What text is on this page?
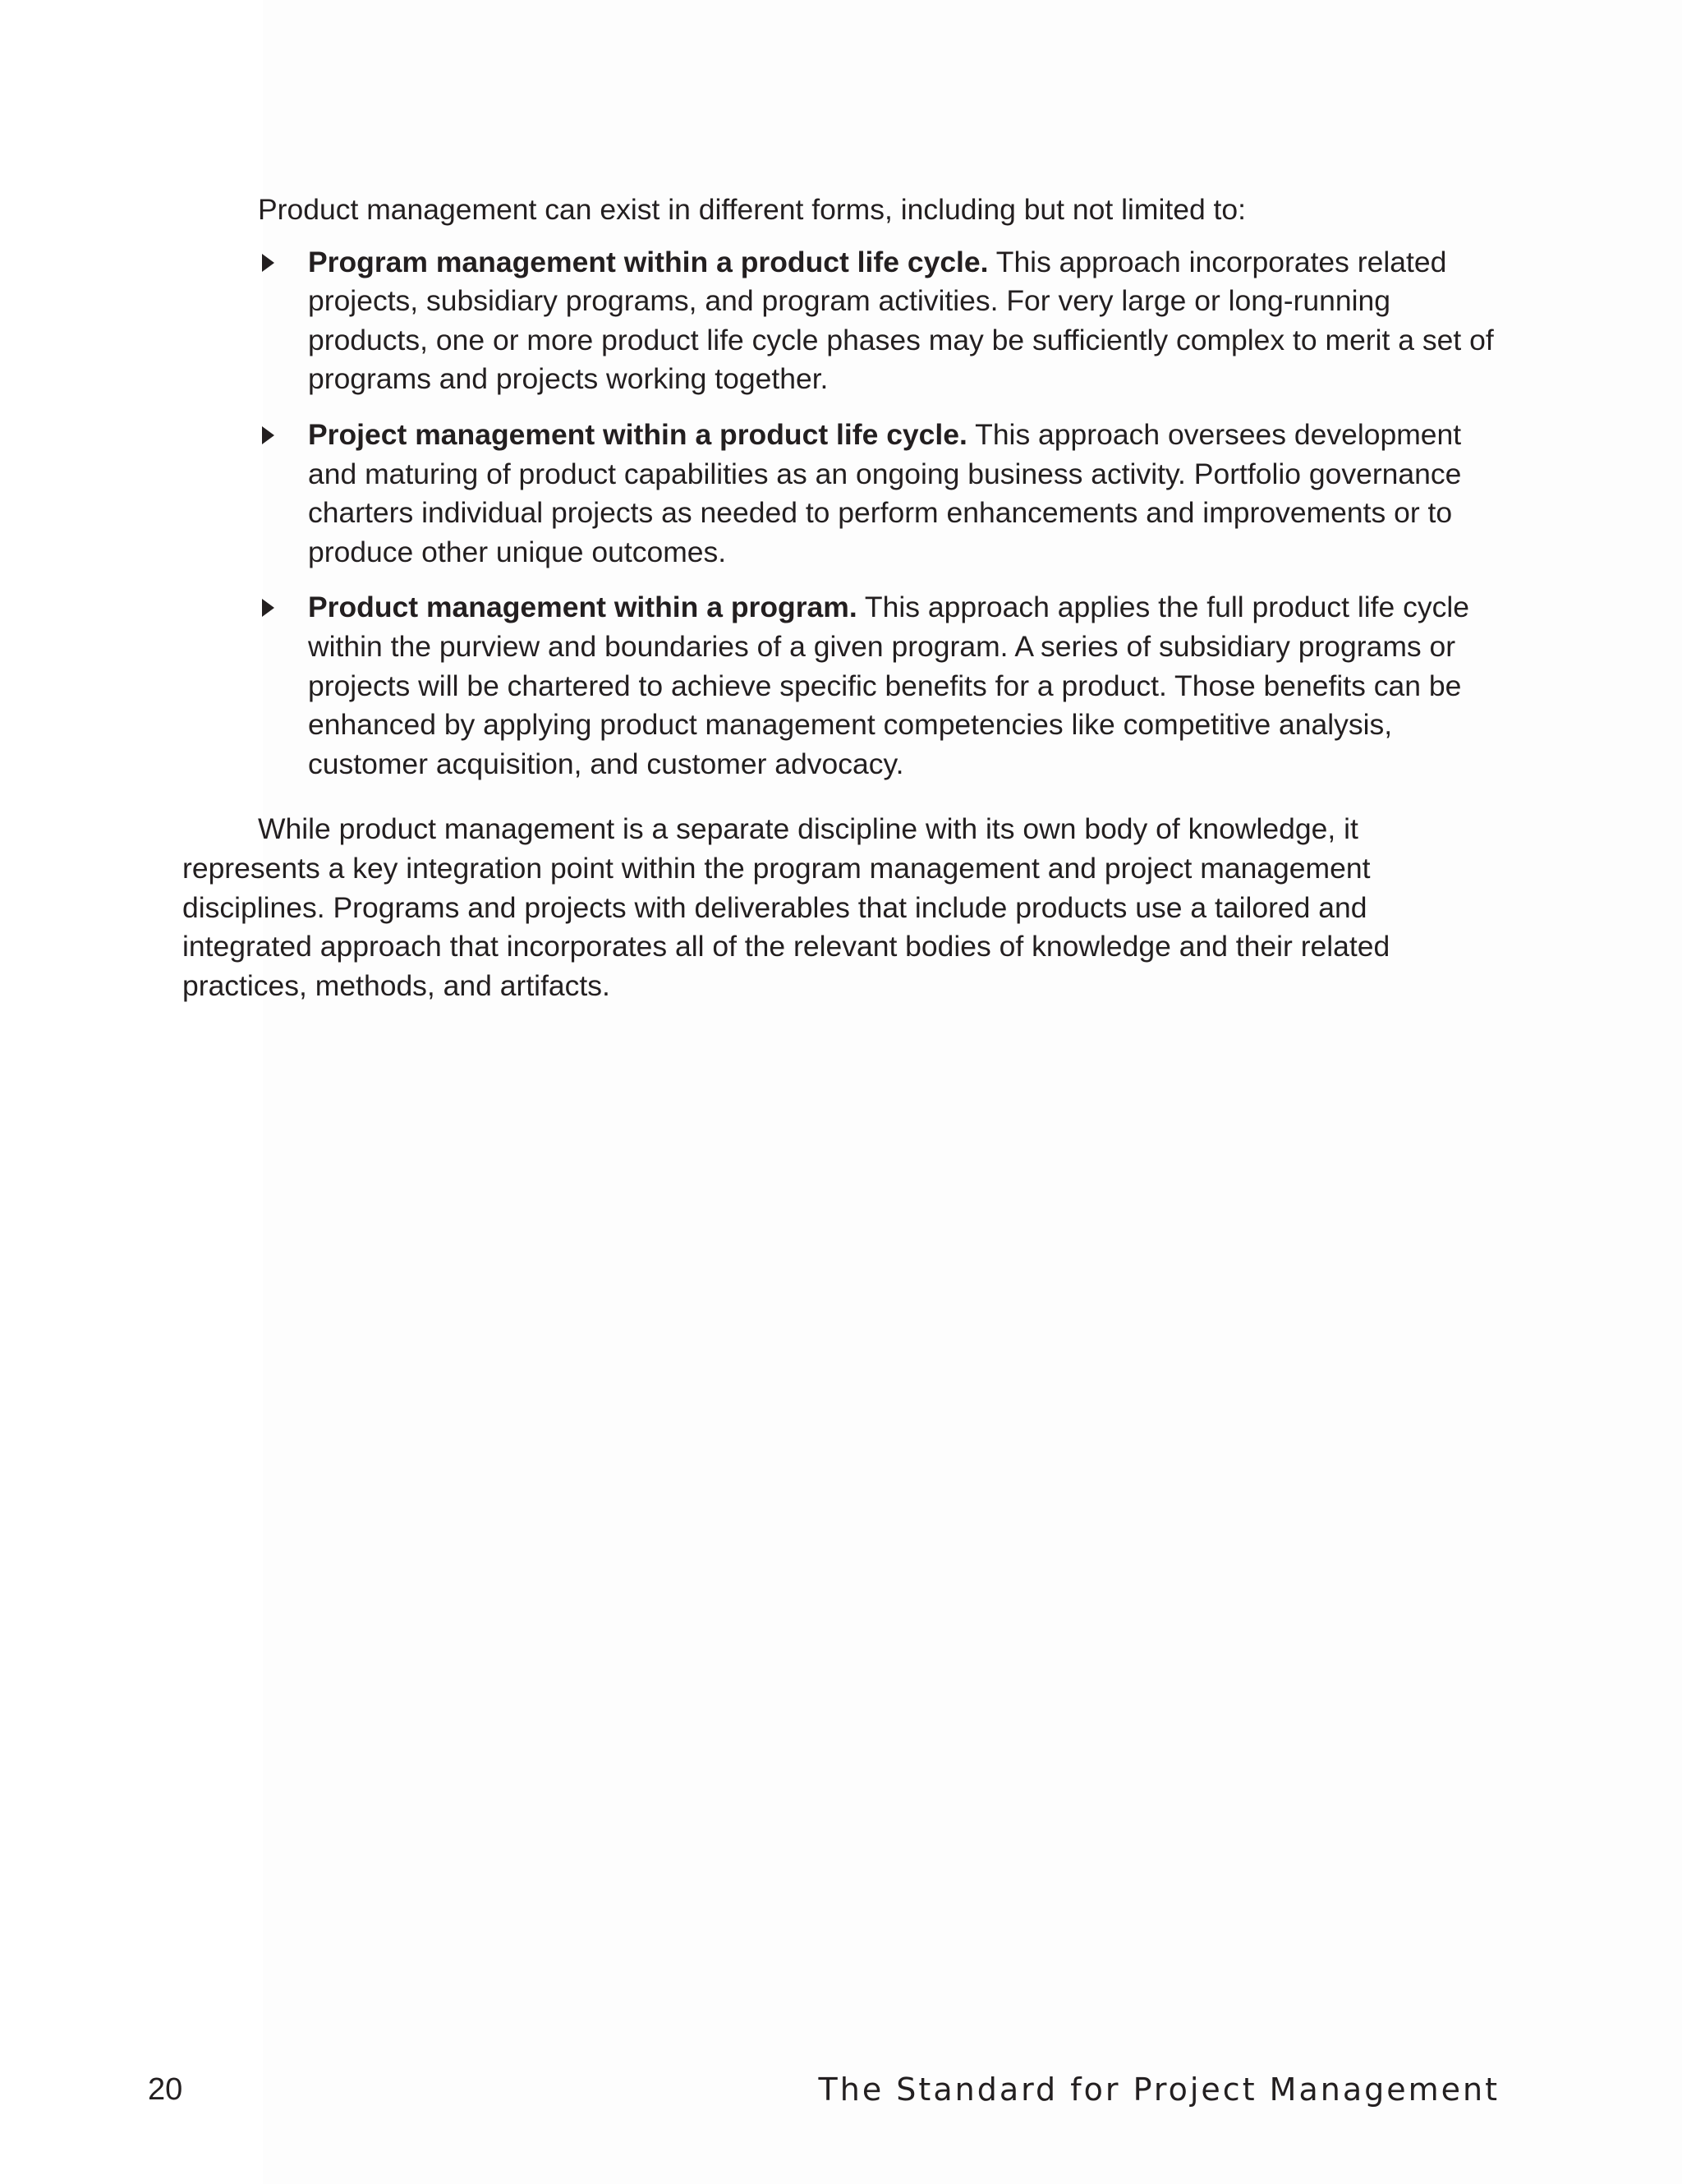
Product management can exist in different forms, including but not limited to:

Program management within a product life cycle. This approach incorporates related projects, subsidiary programs, and program activities. For very large or long-running products, one or more product life cycle phases may be sufficiently complex to merit a set of programs and projects working together.
Project management within a product life cycle. This approach oversees development and maturing of product capabilities as an ongoing business activity. Portfolio governance charters individual projects as needed to perform enhancements and improvements or to produce other unique outcomes.
Product management within a program. This approach applies the full product life cycle within the purview and boundaries of a given program. A series of subsidiary programs or projects will be chartered to achieve specific benefits for a product. Those benefits can be enhanced by applying product management competencies like competitive analysis, customer acquisition, and customer advocacy.

While product management is a separate discipline with its own body of knowledge, it represents a key integration point within the program management and project management disciplines. Programs and projects with deliverables that include products use a tailored and integrated approach that incorporates all of the relevant bodies of knowledge and their related practices, methods, and artifacts.

20	The Standard for Project Management
